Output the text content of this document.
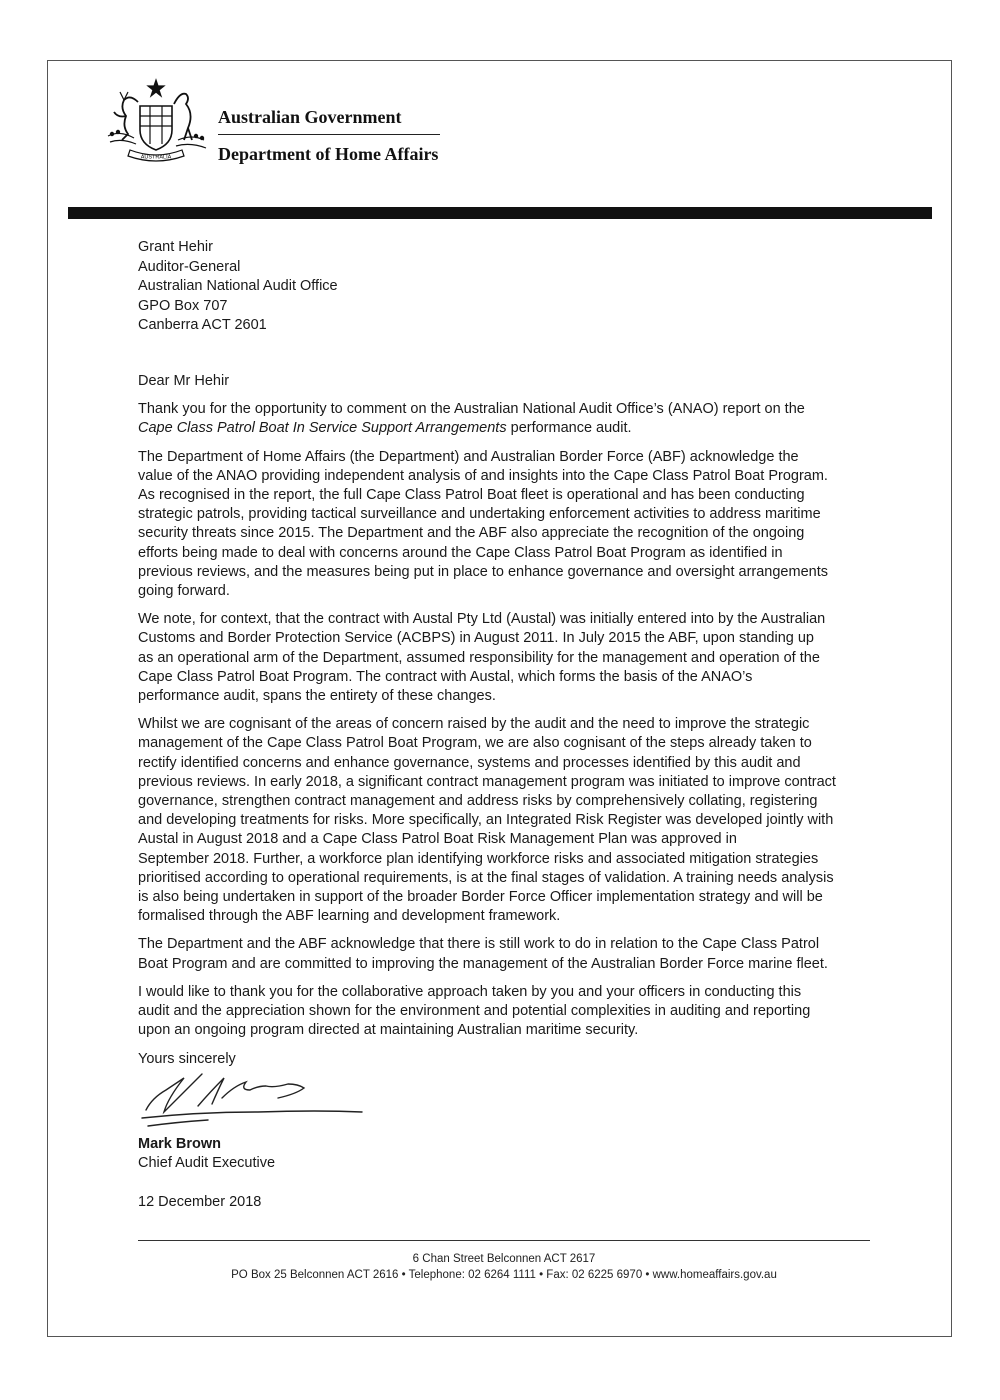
AUSTRALIA
Australian Government
Department of Home Affairs
Grant Hehir
Auditor-General
Australian National Audit Office
GPO Box 707
Canberra ACT 2601

Dear Mr Hehir

Thank you for the opportunity to comment on the Australian National Audit Office’s (ANAO) report on the
Cape Class Patrol Boat In Service Support Arrangements performance audit.

The Department of Home Affairs (the Department) and Australian Border Force (ABF) acknowledge the
value of the ANAO providing independent analysis of and insights into the Cape Class Patrol Boat Program.
As recognised in the report, the full Cape Class Patrol Boat fleet is operational and has been conducting
strategic patrols, providing tactical surveillance and undertaking enforcement activities to address maritime
security threats since 2015. The Department and the ABF also appreciate the recognition of the ongoing
efforts being made to deal with concerns around the Cape Class Patrol Boat Program as identified in
previous reviews, and the measures being put in place to enhance governance and oversight arrangements
going forward.

We note, for context, that the contract with Austal Pty Ltd (Austal) was initially entered into by the Australian
Customs and Border Protection Service (ACBPS) in August 2011. In July 2015 the ABF, upon standing up
as an operational arm of the Department, assumed responsibility for the management and operation of the
Cape Class Patrol Boat Program. The contract with Austal, which forms the basis of the ANAO’s
performance audit, spans the entirety of these changes.

Whilst we are cognisant of the areas of concern raised by the audit and the need to improve the strategic
management of the Cape Class Patrol Boat Program, we are also cognisant of the steps already taken to
rectify identified concerns and enhance governance, systems and processes identified by this audit and
previous reviews. In early 2018, a significant contract management program was initiated to improve contract
governance, strengthen contract management and address risks by comprehensively collating, registering
and developing treatments for risks. More specifically, an Integrated Risk Register was developed jointly with
Austal in August 2018 and a Cape Class Patrol Boat Risk Management Plan was approved in
September 2018. Further, a workforce plan identifying workforce risks and associated mitigation strategies
prioritised according to operational requirements, is at the final stages of validation. A training needs analysis
is also being undertaken in support of the broader Border Force Officer implementation strategy and will be
formalised through the ABF learning and development framework.

The Department and the ABF acknowledge that there is still work to do in relation to the Cape Class Patrol
Boat Program and are committed to improving the management of the Australian Border Force marine fleet.

I would like to thank you for the collaborative approach taken by you and your officers in conducting this
audit and the appreciation shown for the environment and potential complexities in auditing and reporting
upon an ongoing program directed at maintaining Australian maritime security.

Yours sincerely

Mark Brown
Chief Audit Executive
12 December 2018
6 Chan Street Belconnen ACT 2617
PO Box 25 Belconnen ACT 2616 • Telephone: 02 6264 1111 • Fax: 02 6225 6970 • www.homeaffairs.gov.au
